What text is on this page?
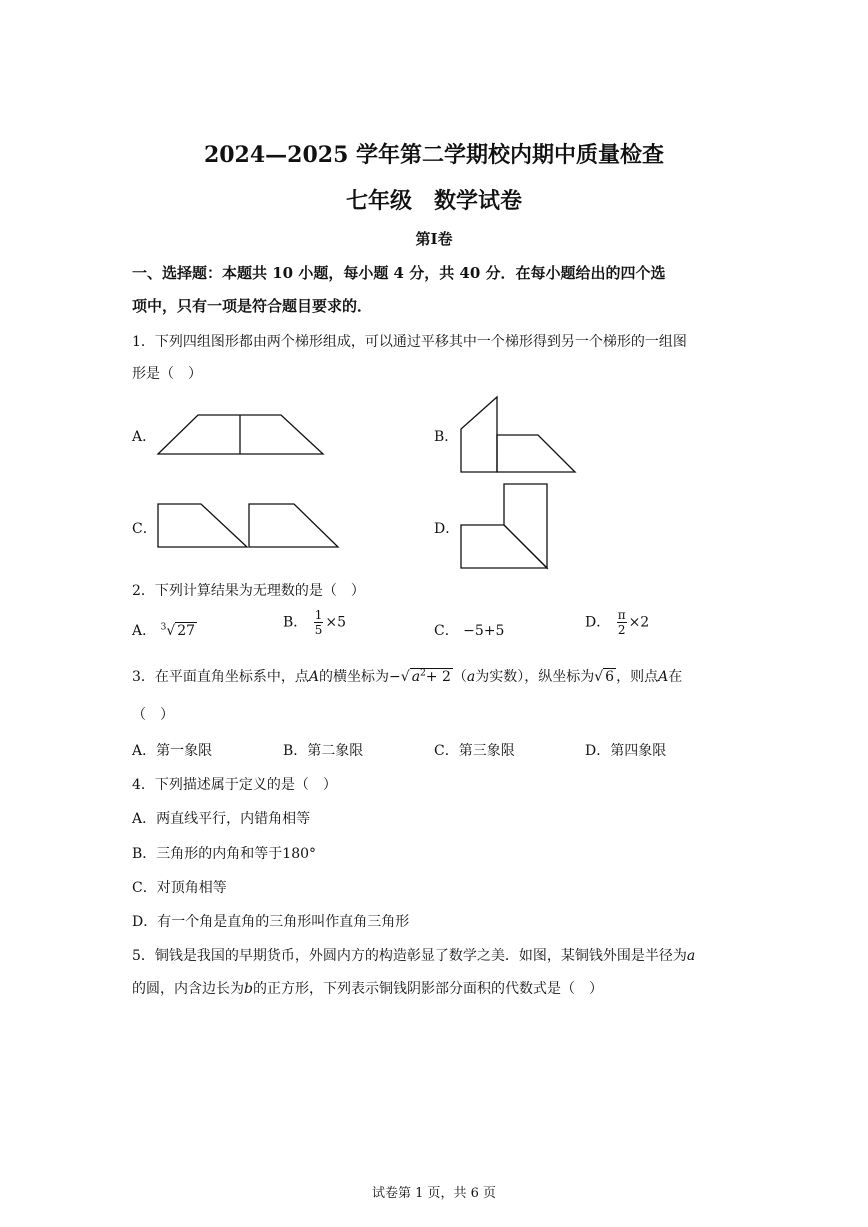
2024—2025 学年第二学期校内期中质量检查
七年级　数学试卷
第I卷
一、选择题：本题共 10 小题，每小题 4 分，共 40 分．在每小题给出的四个选
项中，只有一项是符合题目要求的．
1．下列四组图形都由两个梯形组成，可以通过平移其中一个梯形得到另一个梯形的一组图
形是（　）
A．	B．
C．	D．
2．下列计算结果为无理数的是（　）
A． $^3$√ 27
B． $\frac{1}{5} \times 5$
C． −5+5
D． $\frac{\pi}{2} \times 2$
3．在平面直角坐标系中，点A的横坐标为−√ $a^2+ 2$ （a为实数），纵坐标为√ 6 ，则点A在
（　）
A．第一象限	B．第二象限	C．第三象限	D．第四象限
4．下列描述属于定义的是（　）
A．两直线平行，内错角相等
B．三角形的内角和等于180°
C．对顶角相等
D．有一个角是直角的三角形叫作直角三角形
5．铜钱是我国的早期货币，外圆内方的构造彰显了数学之美．如图，某铜钱外围是半径为a
的圆，内含边长为b的正方形，下列表示铜钱阴影部分面积的代数式是（　）
试卷第 1 页，共 6 页
